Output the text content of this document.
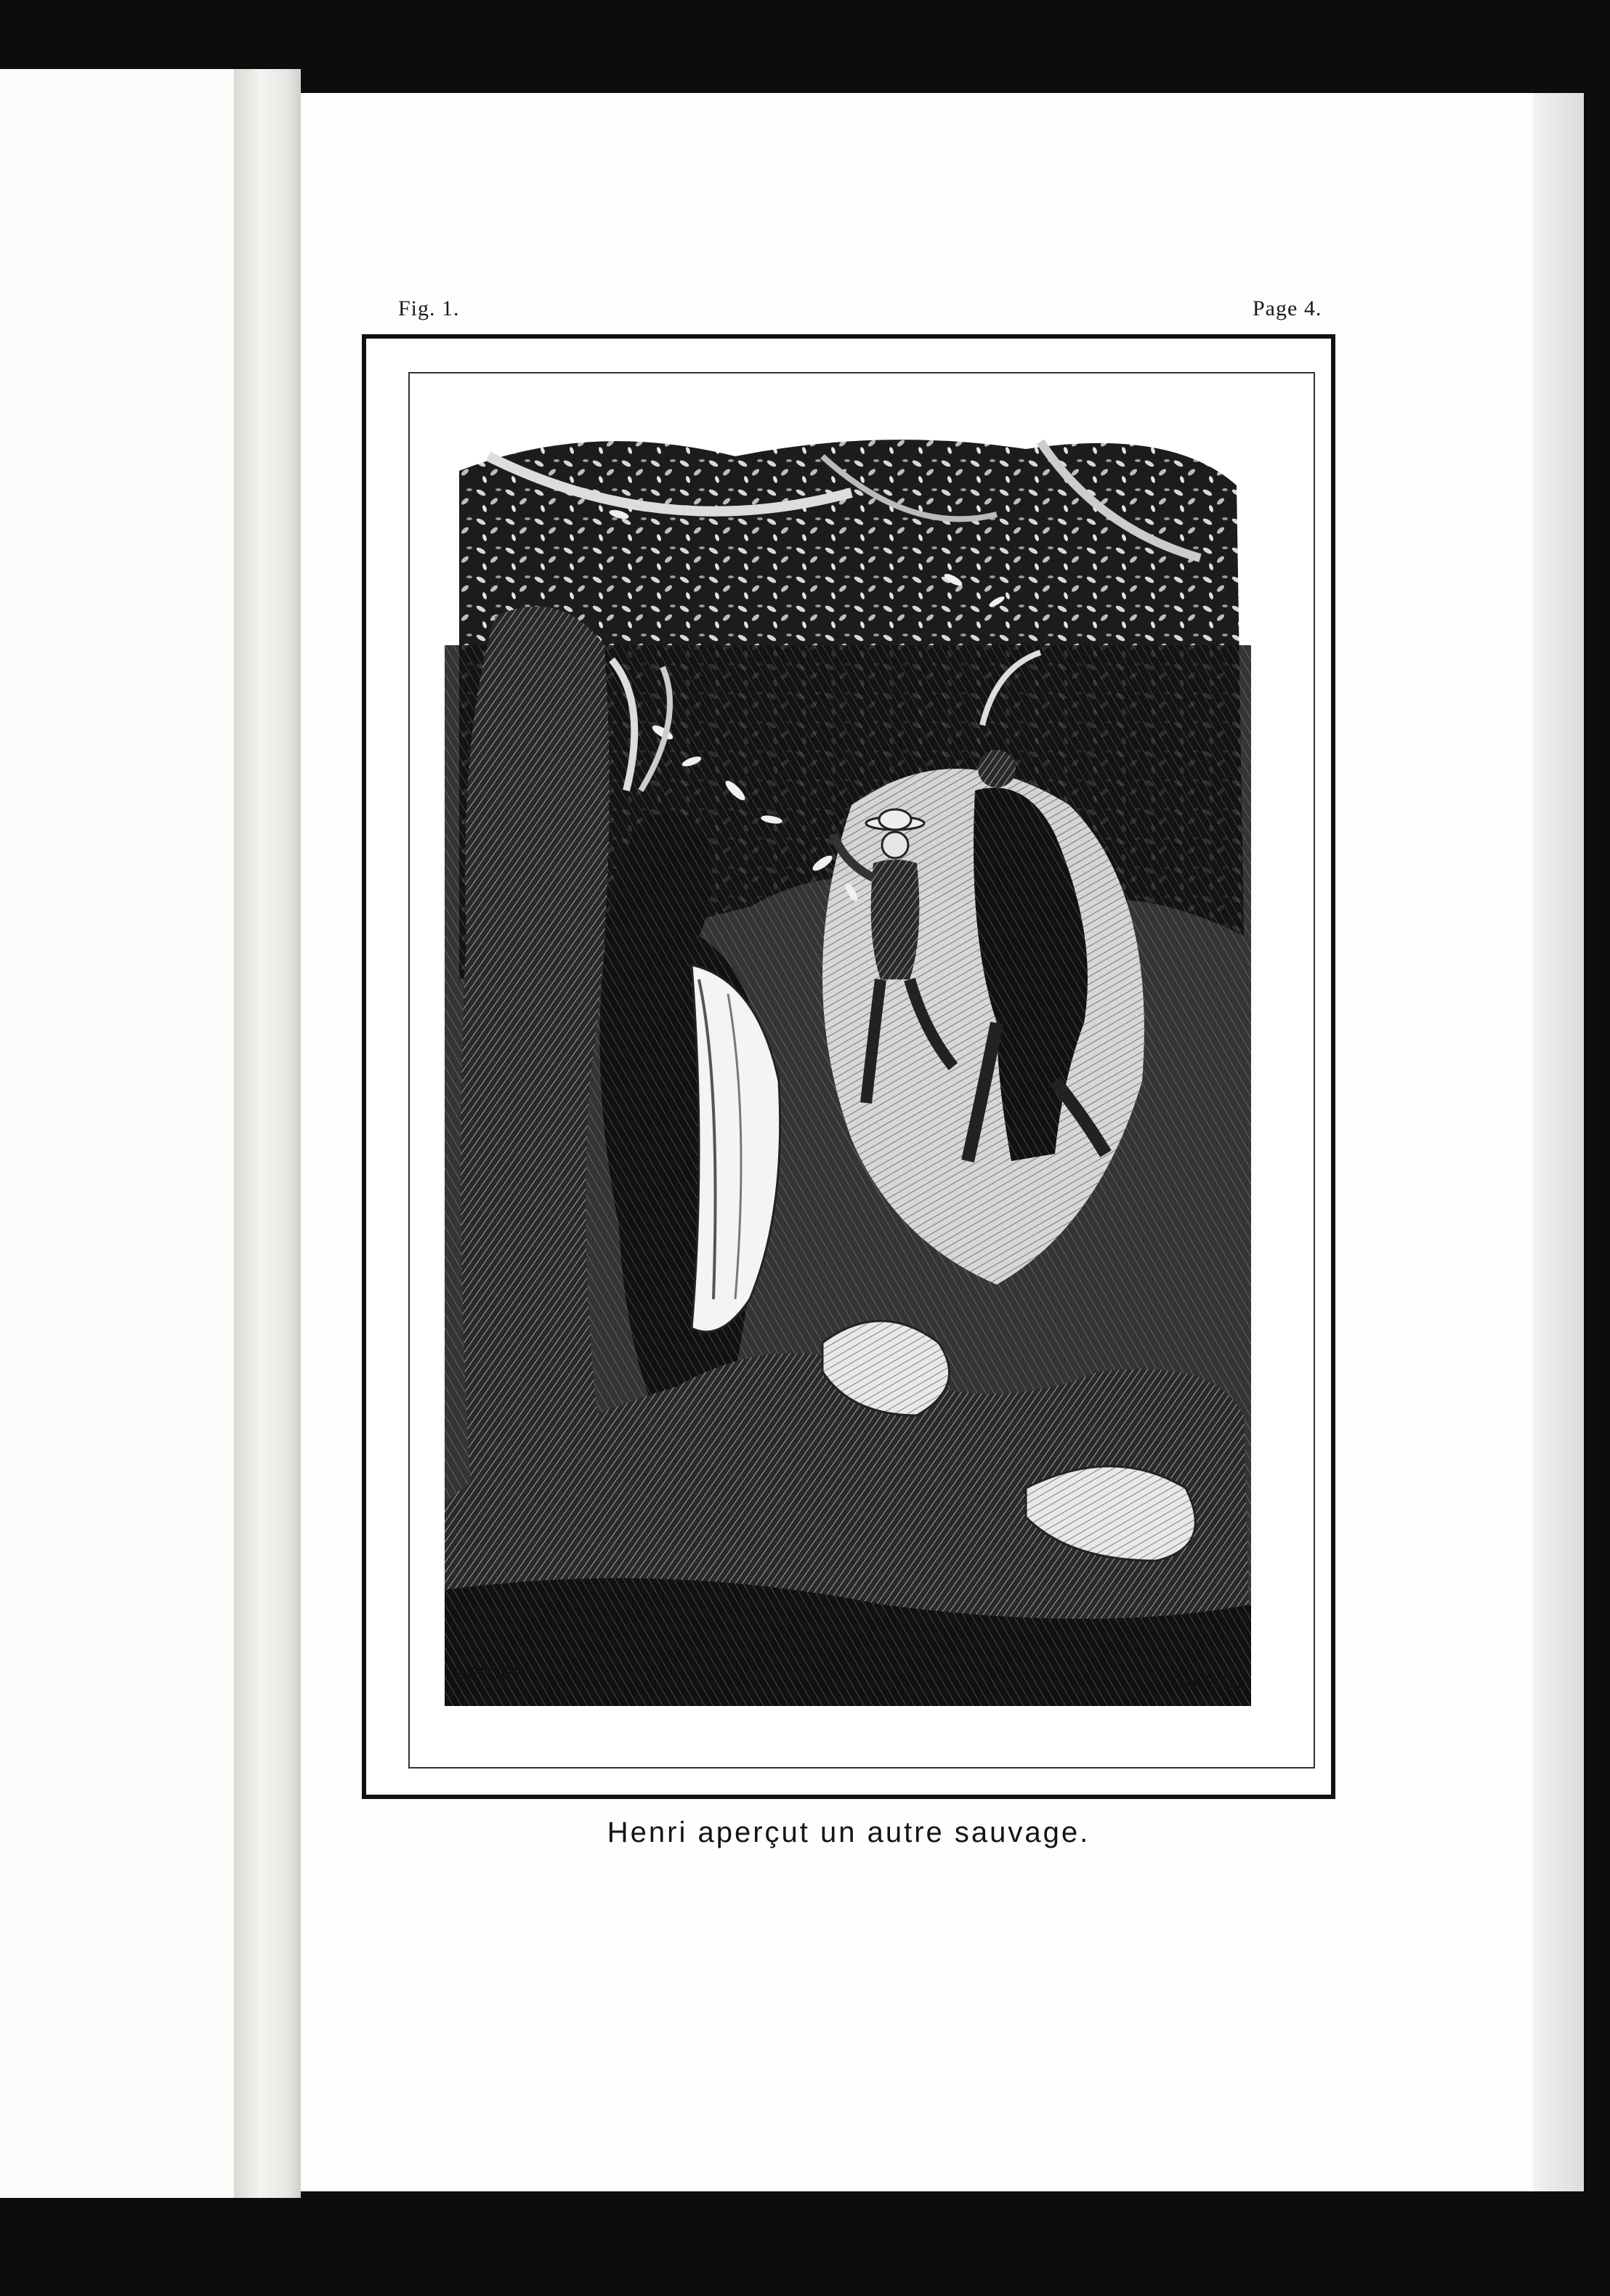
Fig. 1.	Page 4.
GERIER	CH.P.D.
Henri aperçut un autre sauvage.
